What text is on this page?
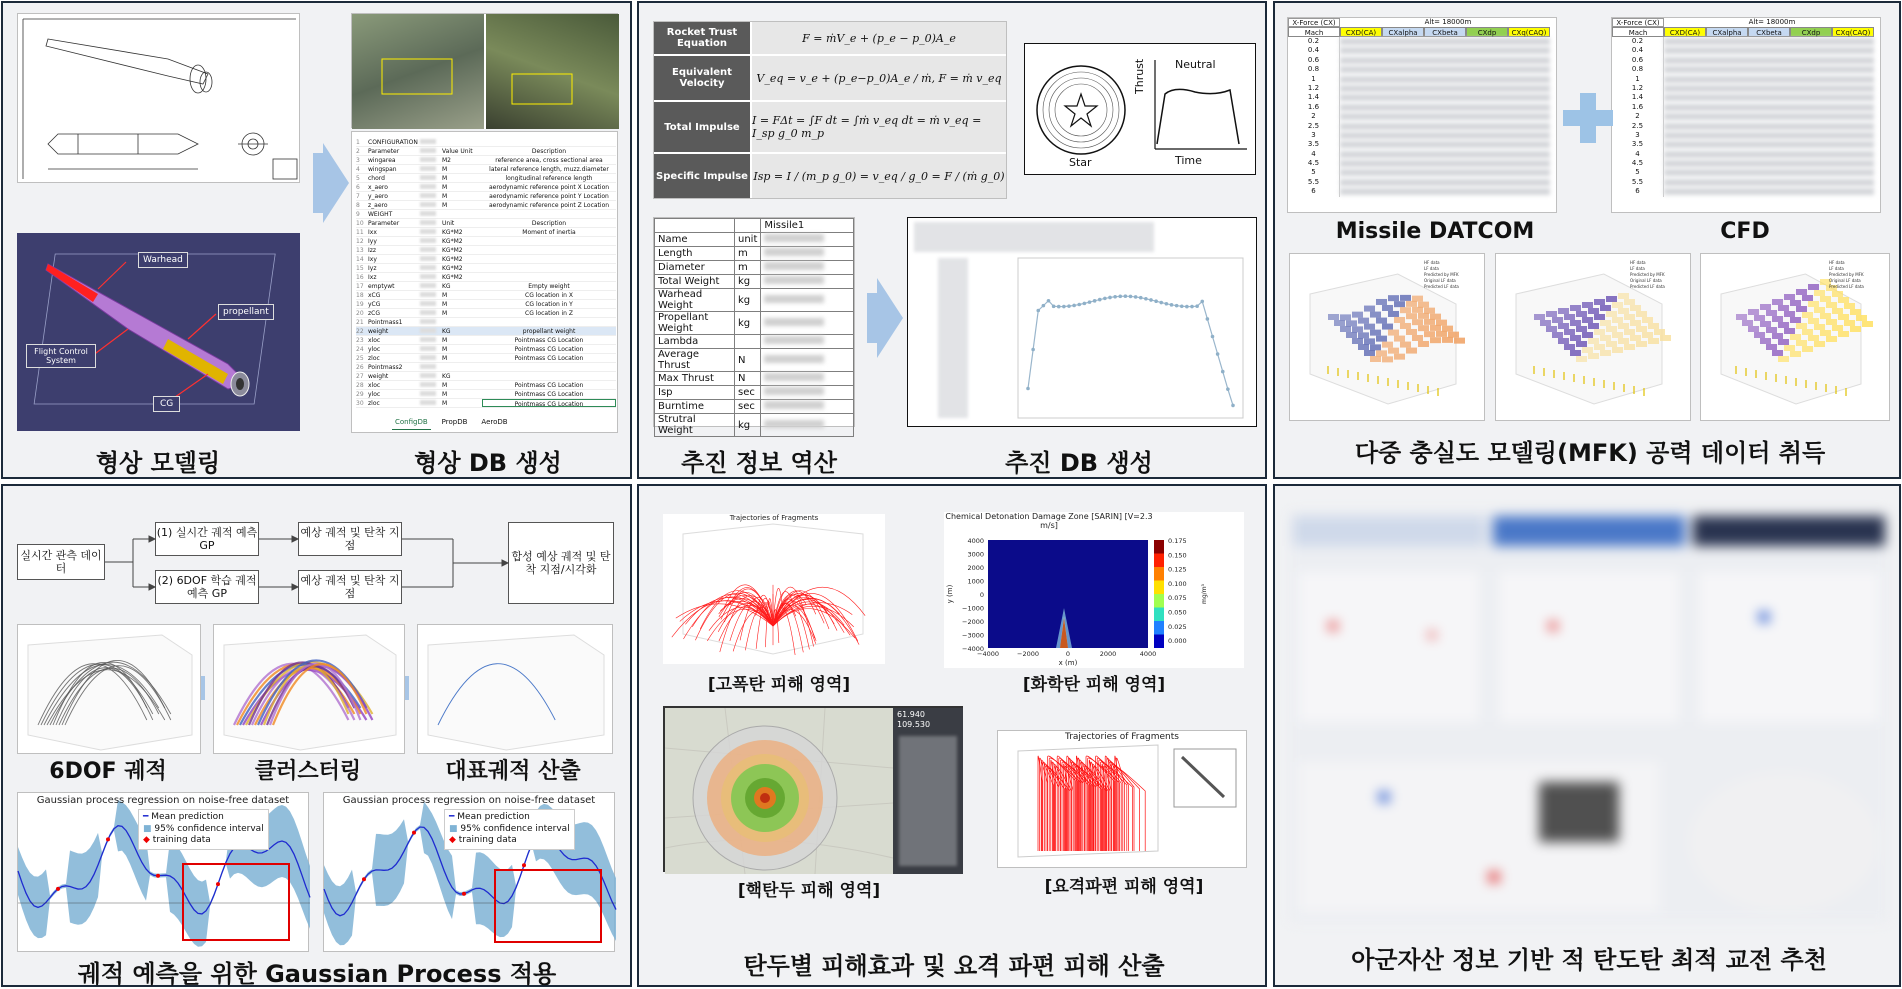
Warhead
propellant
Flight Control System
CG
1	CONFIGURATION
2	Parameter	Value Unit	Description
3	wingarea	M2	reference area, cross sectional area
4	wingspan	M	lateral reference length, muzz.diameter
5	chord	M	longitudinal reference length
6	x_aero	M	aerodynamic reference point X Location
7	y_aero	M	aerodynamic reference point Y Location
8	z_aero	M	aerodynamic reference point Z Location
9	WEIGHT
10 Parameter	Unit	Description
11 Ixx	KG*M2	Moment of inertia
12 Iyy	KG*M2
13 Izz	KG*M2
14 Ixy	KG*M2
15 Iyz	KG*M2
16 Ixz	KG*M2
17 emptywt	KG	Empty weight
18 xCG	M	CG location in X
19 yCG	M	CG location in Y
20 zCG	M	CG location in Z
21 Pointmass1
22 weight	KG	propellant weight
23 xloc	M	Pointmass CG Location
24 yloc	M	Pointmass CG Location
25 zloc	M	Pointmass CG Location
26 Pointmass2
27 weight	KG
28 xloc	M	Pointmass CG Location
29 yloc	M	Pointmass CG Location
30 zloc	M	Pointmass CG Location
ConfigDB	PropDB	AeroDB
형상 모델링	형상 DB 생성
Rocket Trust Equation	F = ṁV_e + (p_e − p_0)A_e
Equivalent Velocity	V_eq = v_e + (p_e−p_0)A_e / ṁ, F = ṁ v_eq
Total Impulse	I = FΔt = ∫F dt = ∫ṁ v_eq dt = ṁ v_eq = I_sp g_0 m_p
Specific Impulse Isp = I / (m_p g_0) = v_eq / g_0 = F / (ṁ g_0)
Star
Neutral
Thrust
Time
		Missile1
Name	unit	
Length	m	
Diameter	m	
Total Weight	kg	
Warhead Weight	kg	
Propellant Weight	kg	
Lambda		
Average Thrust	N	
Max Thrust	N	
Isp	sec	
Burntime	sec	
Strutral Weight	kg	
추진 정보 역산	추진 DB 생성
X-Force (CX)	Alt= 18000m
Mach	CXD(CA)	CXalpha	CXbeta	CXdp	CXq(CAQ)
0.2
0.4
0.6
0.8
1
1.2
1.4
1.6
2
2.5
3
3.5
4
4.5
5
5.5
6
X-Force (CX)	Alt= 18000m
Mach	CXD(CA)	CXalpha	CXbeta	CXdp	CXq(CAQ)
0.2
0.4
0.6
0.8
1
1.2
1.4
1.6
2
2.5
3
3.5
4
4.5
5
5.5
6
Missile DATCOM	CFD
HF data
LF data
Predicted by MFK
Original LF data
Predicted LF data
HF data
LF data
Predicted by MFK
Original LF data
Predicted LF data
HF data
LF data
Predicted by MFK
Original LF data
Predicted LF data
다중 충실도 모델링(MFK) 공력 데이터 취득
실시간 관측 데이터
(1) 실시간 궤적 예측 GP
(2) 6DOF 학습 궤적 예측 GP
예상 궤적 및 탄착 지점
예상 궤적 및 탄착 지점
합성 예상 궤적 및 탄착 지점/시각화
6DOF 궤적	클러스터링	대표궤적 산출
Gaussian process regression on noise-free dataset
━ Mean prediction
■ 95% confidence interval
◆ training data
Gaussian process regression on noise-free dataset
━ Mean prediction
■ 95% confidence interval
◆ training data
궤적 예측을 위한 Gaussian Process 적용
Trajectories of Fragments	Chemical Detonation Damage Zone [SARIN] [V=2.3 m/s]
4000
3000
2000
1000
0
−1000
−2000
−3000
−4000
−4000	−2000	0	2000	4000
x (m)
y (m)
0.175
0.150
0.125
0.100
0.075
0.050
0.025
0.000
mg/m³
[고폭탄 피해 영역]	[화학탄 피해 영역]
61.940
109.530
Trajectories of Fragments
[핵탄두 피해 영역]	[요격파편 피해 영역]
탄두별 피해효과 및 요격 파편 피해 산출	아군자산 정보 기반 적 탄도탄 최적 교전 추천
